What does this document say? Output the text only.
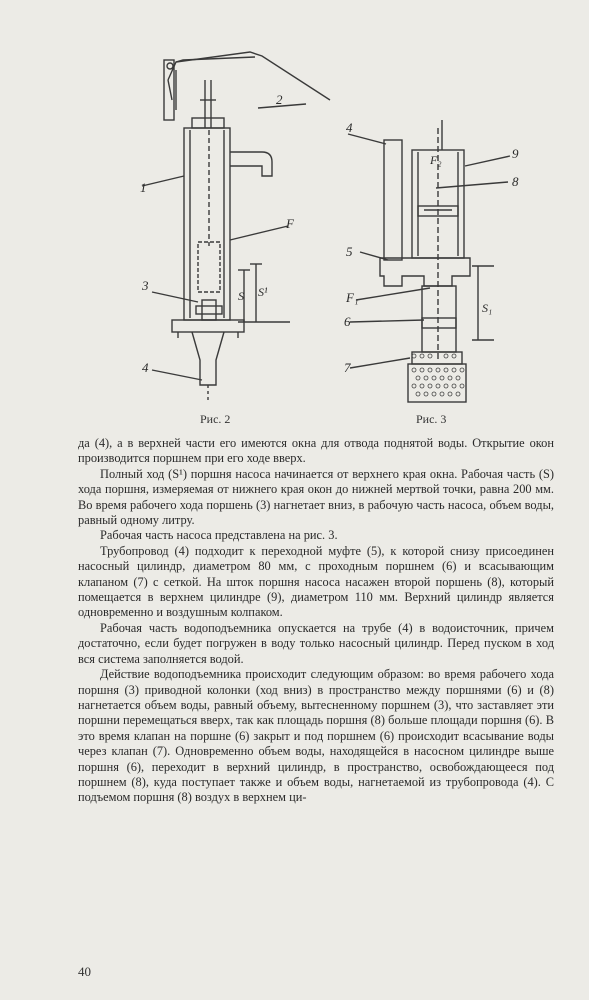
2
1
F
3
S S¹
4
4
F₂	9
8
5
F₁
6
S₁
7
Рис. 2	Рис. 3

да (4), а в верхней части его имеются окна для отвода поднятой воды. Открытие окон производится поршнем при его ходе вверх.

Полный ход (S¹) поршня насоса начинается от верхнего края окна. Рабочая часть (S) хода поршня, измеряемая от нижнего края окон до нижней мертвой точки, равна 200 мм. Во время рабочего хода поршень (3) нагнетает вниз, в рабочую часть насоса, объем воды, равный одному литру.

Рабочая часть насоса представлена на рис. 3.

Трубопровод (4) подходит к переходной муфте (5), к которой снизу присоединен насосный цилиндр, диаметром 80 мм, с проходным поршнем (6) и всасывающим клапаном (7) с сеткой. На шток поршня насоса насажен второй поршень (8), который помещается в верхнем цилиндре (9), диаметром 110 мм. Верхний цилиндр является одновременно и воздушным колпаком.

Рабочая часть водоподъемника опускается на трубе (4) в водоисточник, причем достаточно, если будет погружен в воду только насосный цилиндр. Перед пуском в ход вся система заполняется водой.

Действие водоподъемника происходит следующим образом: во время рабочего хода поршня (3) приводной колонки (ход вниз) в пространство между поршнями (6) и (8) нагнетается объем воды, равный объему, вытесненному поршнем (3), что заставляет эти поршни перемещаться вверх, так как площадь поршня (8) больше площади поршня (6). В это время клапан на поршне (6) закрыт и под поршнем (6) происходит всасывание воды через клапан (7). Одновременно объем воды, находящейся в насосном цилиндре выше поршня (6), переходит в верхний цилиндр, в пространство, освобождающееся под поршнем (8), куда поступает также и объем воды, нагнетаемой из трубопровода (4). С подъемом поршня (8) воздух в верхнем ци-

40
